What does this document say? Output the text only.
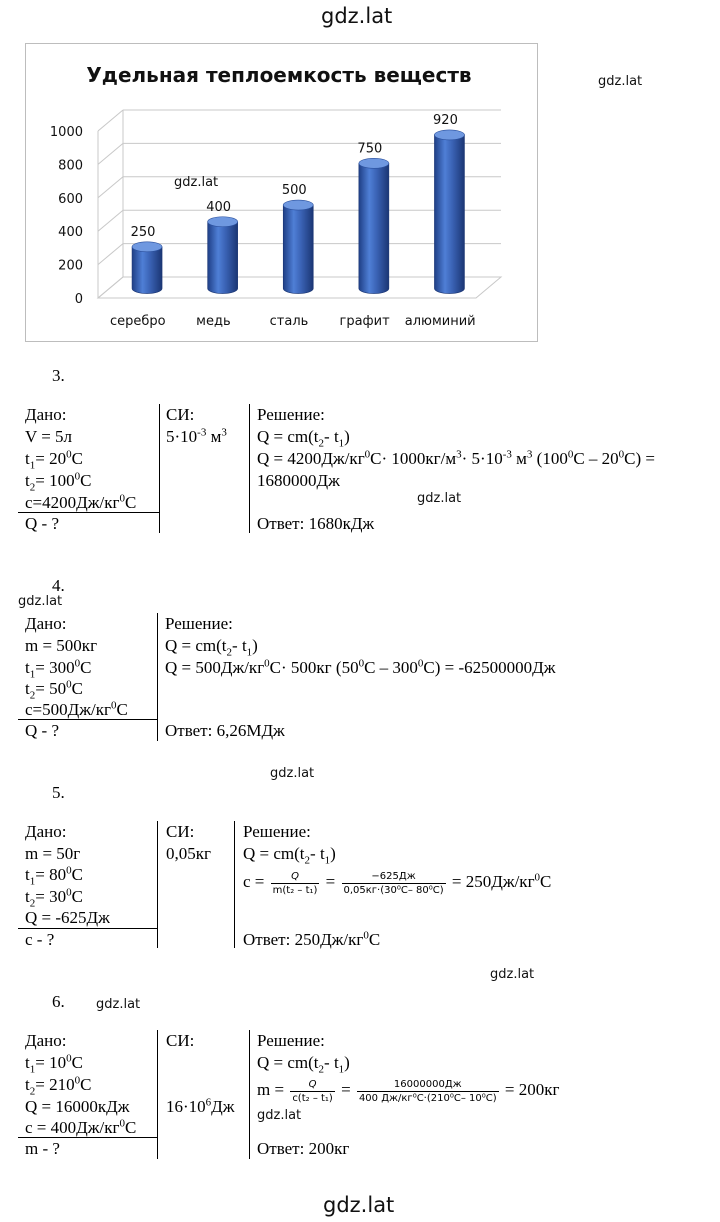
gdz.lat
gdz.lat
Удельная теплоемкость веществ
0
200
400
600
800
1000
250
серебро
400
медь
500
сталь
750
графит
920
алюминий
gdz.lat
3.
Дано:
V = 5л
$t_1= 20^0С$
$t_2= 100^0С$
$c=4200Дж/кг^0С$
Q - ?
СИ:
$5\cdot 10^{-3}$ $м^3$
Решение:
$Q = cm(t_2-$ $t_1$)
$Q = 4200Дж/кг^0С\cdot 1000кг/м^3\cdot 5\cdot 10^{-3}$ $м^3$ $(100^0С - 20^0С)$ =
1680000Дж
gdz.lat
Ответ: 1680кДж
4.
gdz.lat
Дано:
m = 500кг
$t_1= 300^0С$
$t_2= 50^0С$
$c=500Дж/кг^0С$
Q - ?
Решение:
$Q = cm(t_2-$ $t_1$)
$Q = 500Дж/кг^0С\cdot 500кг$ $(50^0С - 300^0С) = -62500000Дж$
Ответ: 6,26МДж
gdz.lat
5.
Дано:
m = 50г
$t_1= 80^0С$
$t_2= 30^0С$
Q = -625Дж
c - ?
СИ:
0,05кг
Решение:
$Q = cm(t_2-$ $t_1$)
$c = \frac{Q}{\text{m(t₂ – t₁)}} = \frac{-625Дж}{\text{0,05кг·(30⁰С– 80⁰С)}} = 250Дж/кг^0С$
Ответ: $250Дж/кг^0С$
gdz.lat
6. gdz.lat
Дано:
$t_1= 10^0С$
$t_2= 210^0С$
Q = 16000кДж
$c = 400Дж/кг^0С$
m - ?
СИ:
$16\cdot 10^6Дж$
Решение:
$Q = cm(t_2-$ $t_1$)
$m = \frac{Q}{\text{c(t₂ – t₁)}} = \frac{16000000Дж}{\text{400 Дж/кг⁰С·(210⁰С– 10⁰С)}} = 200кг$
gdz.lat
Ответ: 200кг
gdz.lat
